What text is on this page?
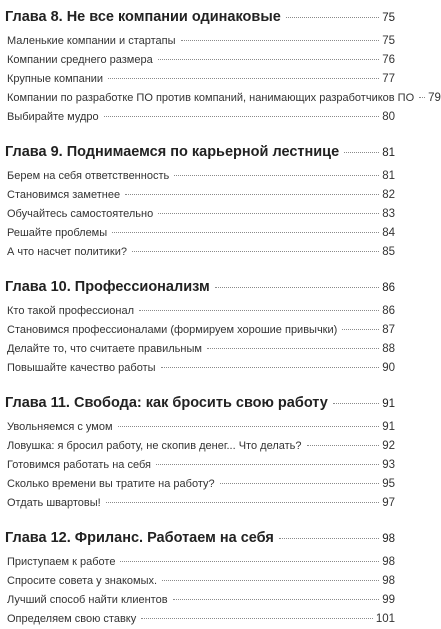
Глава 8. Не все компании одинаковые	75
Маленькие компании и стартапы	75
Компании среднего размера	76
Крупные компании	77
Компании по разработке ПО против компаний, нанимающих разработчиков ПО 79
Выбирайте мудро	80
Глава 9. Поднимаемся по карьерной лестнице	81
Берем на себя ответственность	81
Становимся заметнее	82
Обучайтесь самостоятельно	83
Решайте проблемы	84
А что насчет политики?	85
Глава 10. Профессионализм	86
Кто такой профессионал	86
Становимся профессионалами (формируем хорошие привычки)	87
Делайте то, что считаете правильным	88
Повышайте качество работы	90
Глава 11. Свобода: как бросить свою работу	91
Увольняемся с умом	91
Ловушка: я бросил работу, не скопив денег... Что делать?	92
Готовимся работать на себя	93
Сколько времени вы тратите на работу?	95
Отдать швартовы!	97
Глава 12. Фриланс. Работаем на себя	98
Приступаем к работе	98
Спросите совета у знакомых.	98
Лучший способ найти клиентов	99
Определяем свою ставку	101
